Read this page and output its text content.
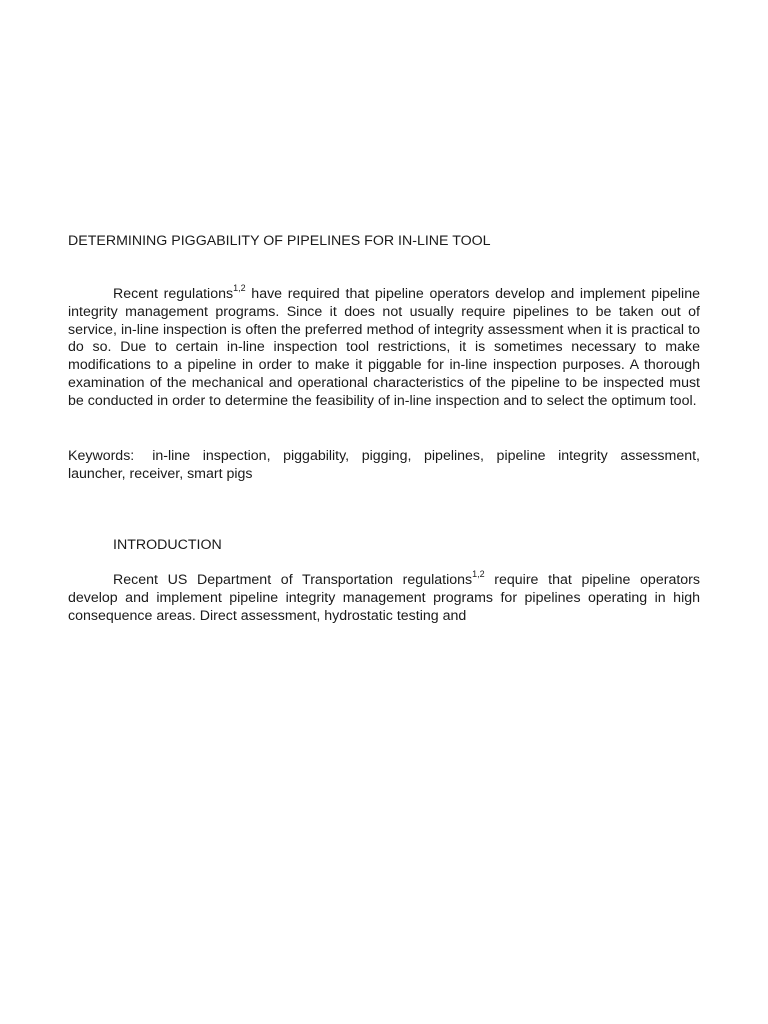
DETERMINING PIGGABILITY OF PIPELINES FOR IN-LINE TOOL
Recent regulations$^{1,2}$ have required that pipeline operators develop and implement pipeline integrity management programs. Since it does not usually require pipelines to be taken out of service, in-line inspection is often the preferred method of integrity assessment when it is practical to do so. Due to certain in-line inspection tool restrictions, it is sometimes necessary to make modifications to a pipeline in order to make it piggable for in-line inspection purposes. A thorough examination of the mechanical and operational characteristics of the pipeline to be inspected must be conducted in order to determine the feasibility of in-line inspection and to select the optimum tool.
Keywords: in-line inspection, piggability, pigging, pipelines, pipeline integrity assessment, launcher, receiver, smart pigs
INTRODUCTION
Recent US Department of Transportation regulations$^{1,2}$ require that pipeline operators develop and implement pipeline integrity management programs for pipelines operating in high consequence areas. Direct assessment, hydrostatic testing and
